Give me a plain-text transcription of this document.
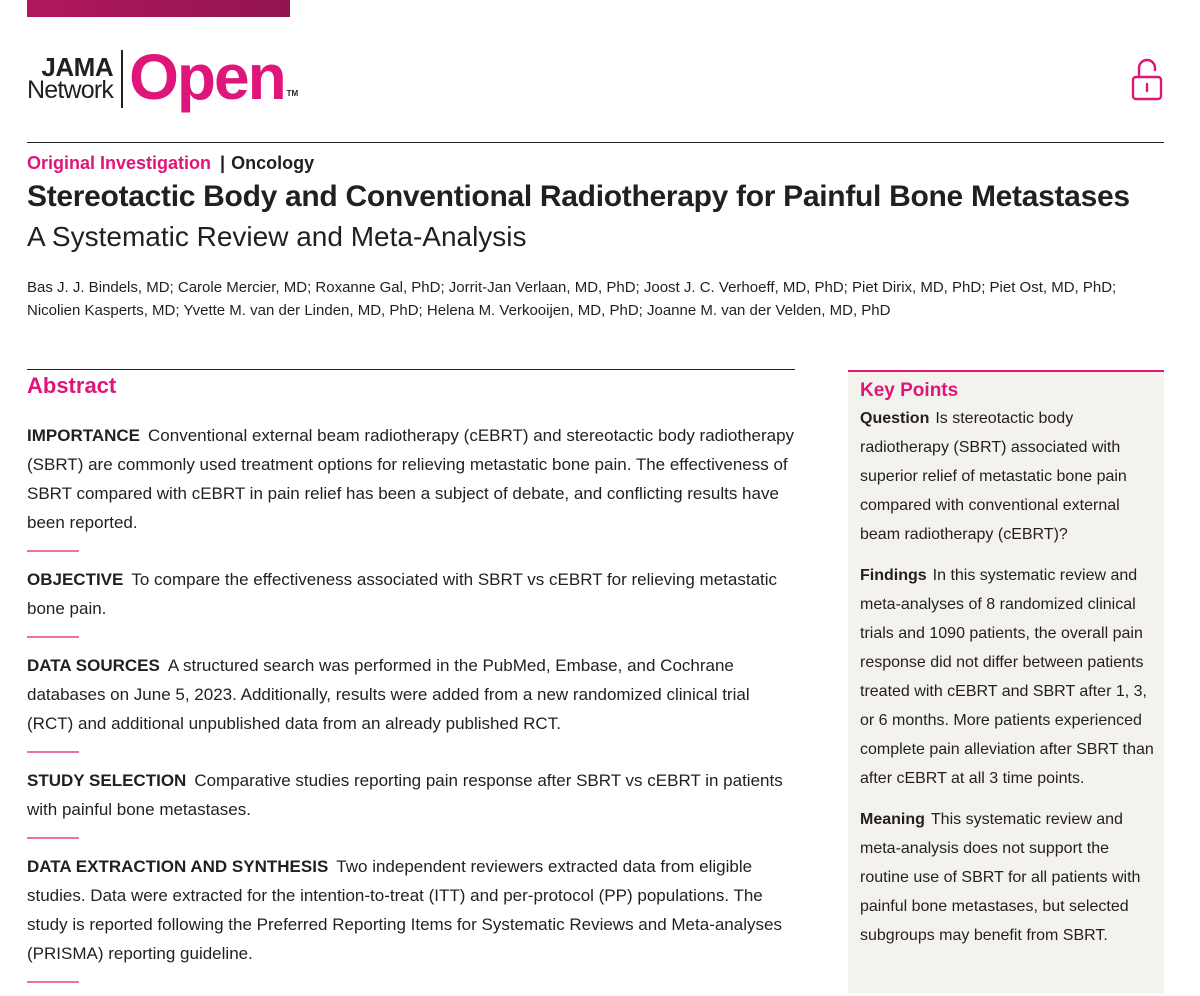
JAMA
Network Open TM
Original Investigation | Oncology
Stereotactic Body and Conventional Radiotherapy for Painful Bone Metastases
A Systematic Review and Meta-Analysis
Bas J. J. Bindels, MD; Carole Mercier, MD; Roxanne Gal, PhD; Jorrit-Jan Verlaan, MD, PhD; Joost J. C. Verhoeff, MD, PhD; Piet Dirix, MD, PhD; Piet Ost, MD, PhD; Nicolien Kasperts, MD; Yvette M. van der Linden, MD, PhD; Helena M. Verkooijen, MD, PhD; Joanne M. van der Velden, MD, PhD
Abstract

IMPORTANCE Conventional external beam radiotherapy (cEBRT) and stereotactic body radiotherapy (SBRT) are commonly used treatment options for relieving metastatic bone pain. The effectiveness of SBRT compared with cEBRT in pain relief has been a subject of debate, and conflicting results have been reported.

OBJECTIVE To compare the effectiveness associated with SBRT vs cEBRT for relieving metastatic bone pain.

DATA SOURCES A structured search was performed in the PubMed, Embase, and Cochrane databases on June 5, 2023. Additionally, results were added from a new randomized clinical trial (RCT) and additional unpublished data from an already published RCT.

STUDY SELECTION Comparative studies reporting pain response after SBRT vs cEBRT in patients with painful bone metastases.

DATA EXTRACTION AND SYNTHESIS Two independent reviewers extracted data from eligible studies. Data were extracted for the intention-to-treat (ITT) and per-protocol (PP) populations. The study is reported following the Preferred Reporting Items for Systematic Reviews and Meta-analyses (PRISMA) reporting guideline.

Key Points

Question Is stereotactic body radiotherapy (SBRT) associated with superior relief of metastatic bone pain compared with conventional external beam radiotherapy (cEBRT)?

Findings In this systematic review and meta-analyses of 8 randomized clinical trials and 1090 patients, the overall pain response did not differ between patients treated with cEBRT and SBRT after 1, 3, or 6 months. More patients experienced complete pain alleviation after SBRT than after cEBRT at all 3 time points.

Meaning This systematic review and meta-analysis does not support the routine use of SBRT for all patients with painful bone metastases, but selected subgroups may benefit from SBRT.
